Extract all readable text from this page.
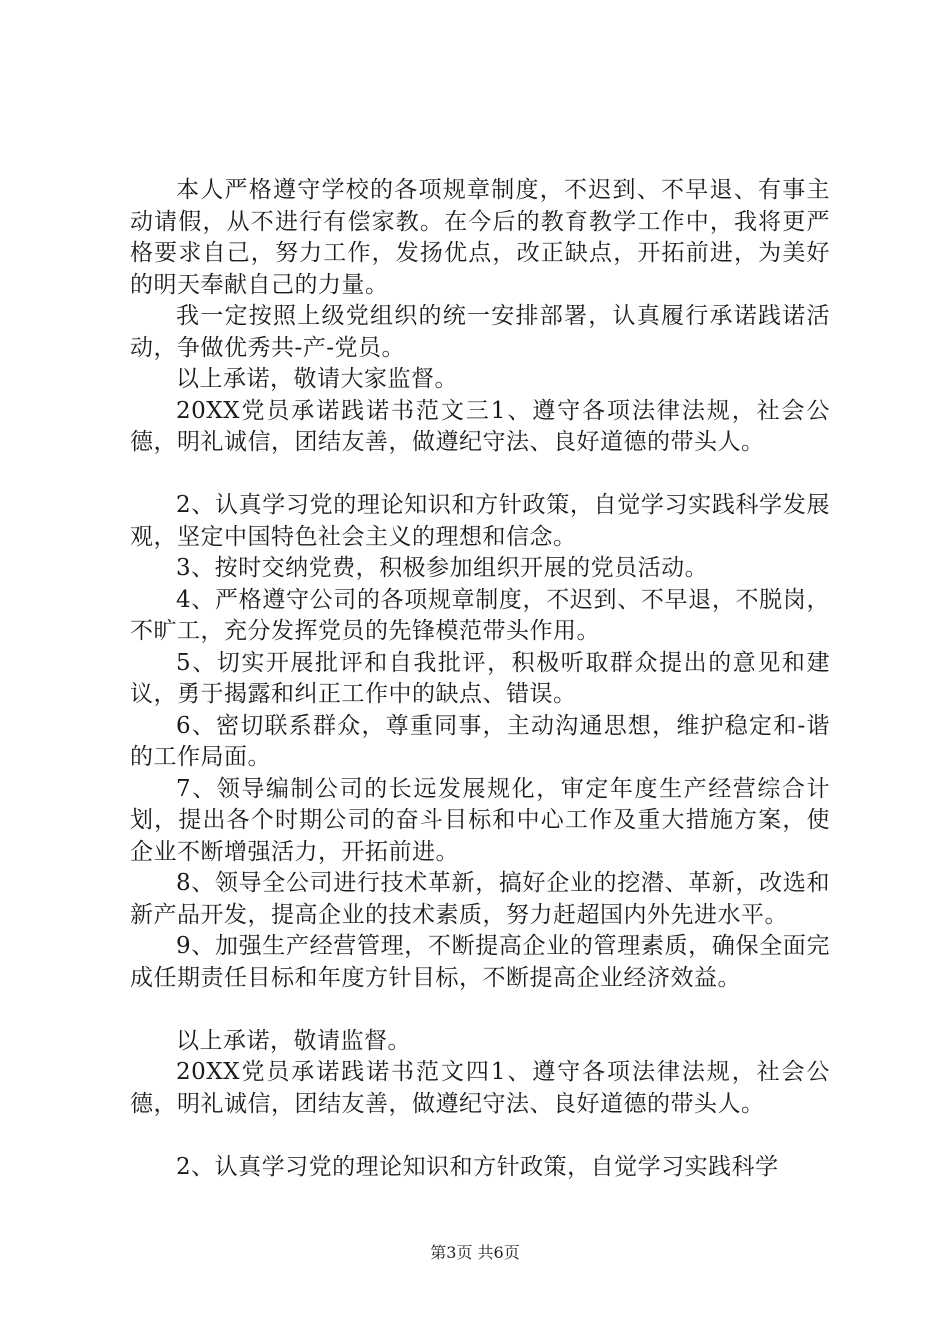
本人严格遵守学校的各项规章制度，不迟到、不早退、有事主动请假，从不进行有偿家教。在今后的教育教学工作中，我将更严格要求自己，努力工作，发扬优点，改正缺点，开拓前进，为美好的明天奉献自己的力量。

我一定按照上级党组织的统一安排部署，认真履行承诺践诺活动，争做优秀共-产-党员。

以上承诺，敬请大家监督。

20XX党员承诺践诺书范文三1、遵守各项法律法规，社会公德，明礼诚信，团结友善，做遵纪守法、良好道德的带头人。

2、认真学习党的理论知识和方针政策，自觉学习实践科学发展观，坚定中国特色社会主义的理想和信念。

3、按时交纳党费，积极参加组织开展的党员活动。

4、严格遵守公司的各项规章制度，不迟到、不早退，不脱岗，不旷工，充分发挥党员的先锋模范带头作用。

5、切实开展批评和自我批评，积极听取群众提出的意见和建议，勇于揭露和纠正工作中的缺点、错误。

6、密切联系群众，尊重同事，主动沟通思想，维护稳定和-谐的工作局面。

7、领导编制公司的长远发展规化，审定年度生产经营综合计划，提出各个时期公司的奋斗目标和中心工作及重大措施方案，使企业不断增强活力，开拓前进。

8、领导全公司进行技术革新，搞好企业的挖潜、革新，改选和新产品开发，提高企业的技术素质，努力赶超国内外先进水平。

9、加强生产经营管理，不断提高企业的管理素质，确保全面完成任期责任目标和年度方针目标，不断提高企业经济效益。

以上承诺，敬请监督。

20XX党员承诺践诺书范文四1、遵守各项法律法规，社会公德，明礼诚信，团结友善，做遵纪守法、良好道德的带头人。

2、认真学习党的理论知识和方针政策，自觉学习实践科学

第3页 共6页
